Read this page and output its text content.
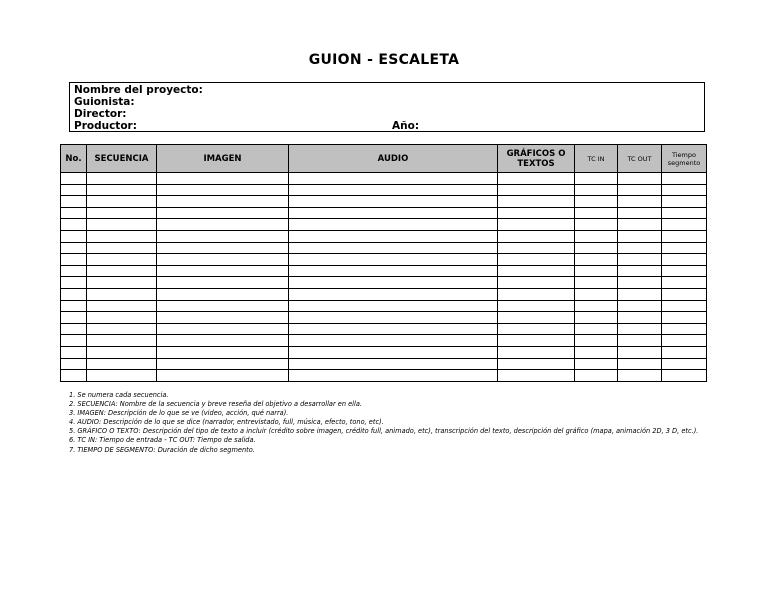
GUION - ESCALETA
Nombre del proyecto:
Guionista:
Director:
Productor:	Año:
No.	SECUENCIA	IMAGEN	AUDIO	GRÁFICOS O TEXTOS	TC IN	TC OUT	Tiempo segmento

1. Se numera cada secuencia.

2. SECUENCIA: Nombre de la secuencia y breve reseña del objetivo a desarrollar en ella.

3. IMAGEN: Descripción de lo que se ve (video, acción, qué narra).

4. AUDIO: Descripción de lo que se dice (narrador, entrevistado, full, música, efecto, tono, etc).

5. GRÁFICO O TEXTO: Descripción del tipo de texto a incluir (crédito sobre imagen, crédito full, animado, etc), transcripción del texto, descripción del gráfico (mapa, animación 2D, 3 D, etc.).

6. TC IN: Tiempo de entrada - TC OUT: Tiempo de salida.

7. TIEMPO DE SEGMENTO: Duración de dicho segmento.
